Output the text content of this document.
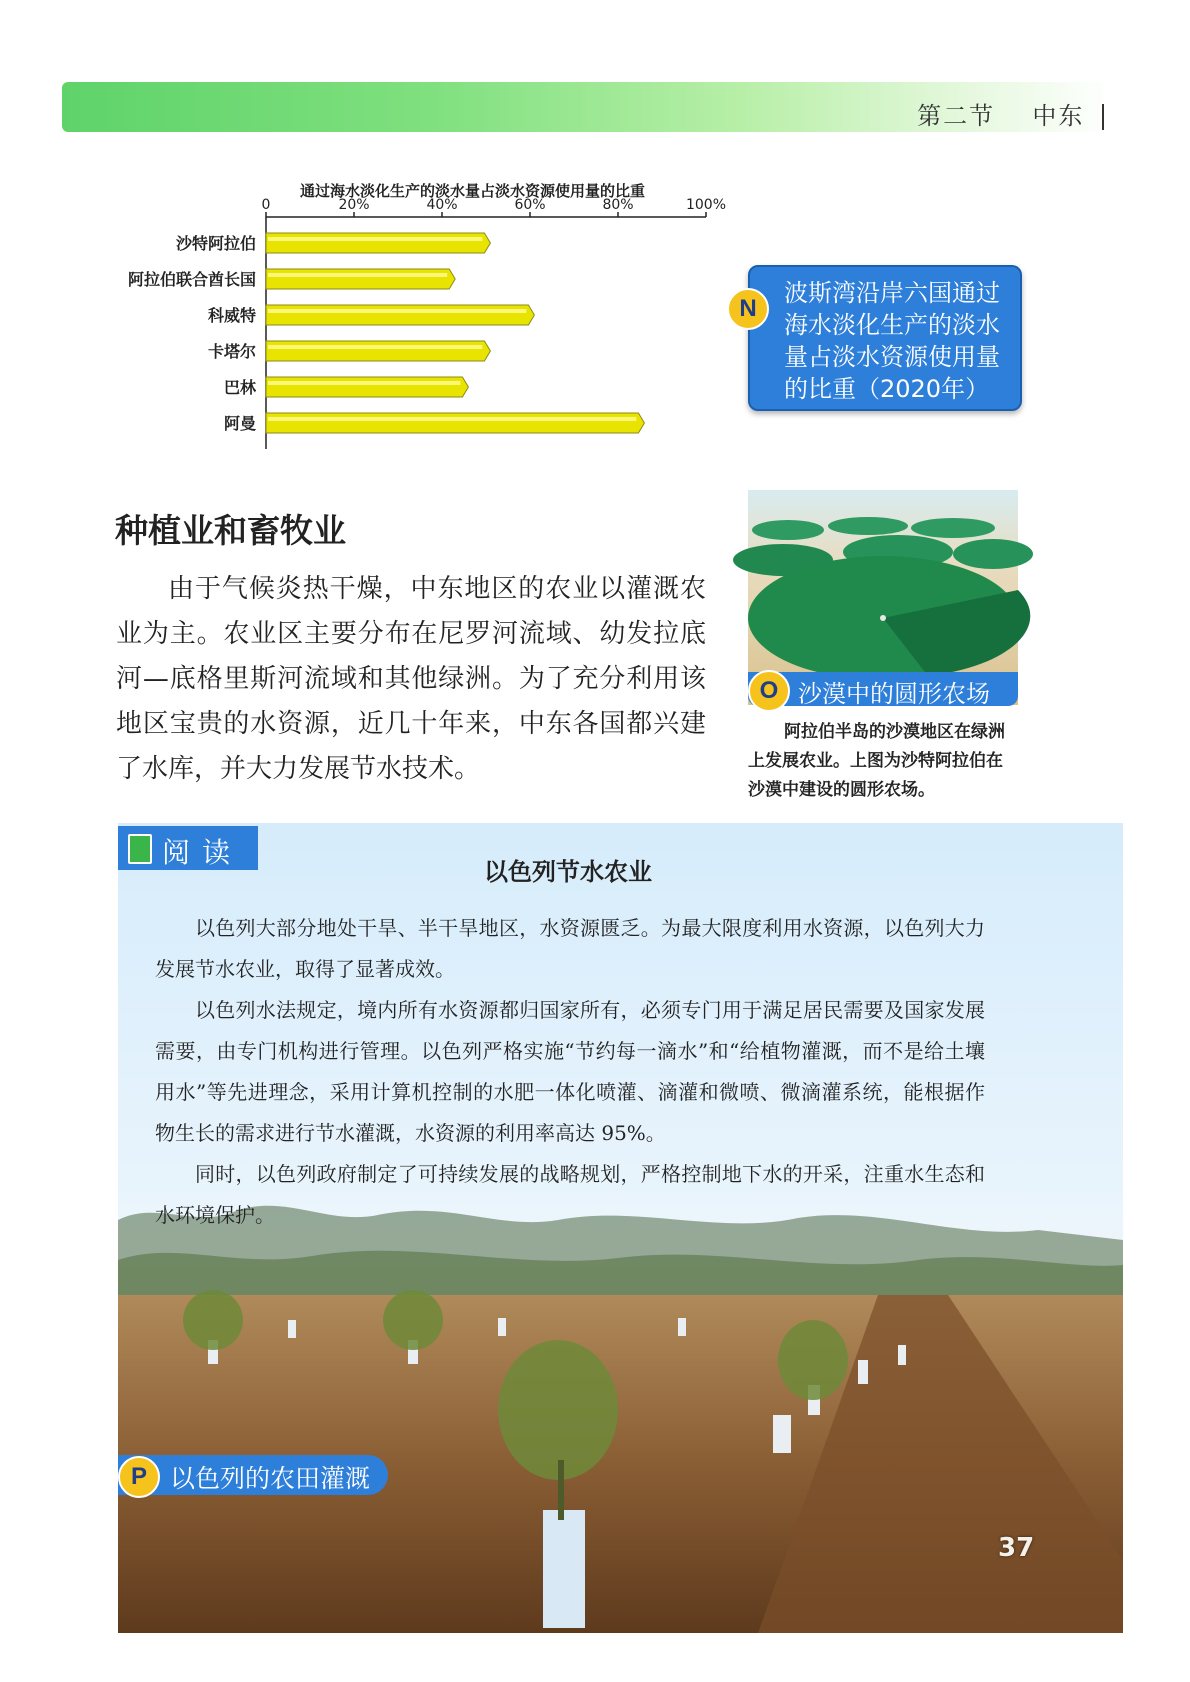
第二节 中东
通过海水淡化生产的淡水量占淡水资源使用量的比重
0	20%	40%	60%	80%	100%
沙特阿拉伯
阿拉伯联合酋长国
科威特
卡塔尔
巴林
阿曼
波斯湾沿岸六国通过海水淡化生产的淡水量占淡水资源使用量的比重（2020年）
N
种植业和畜牧业
由于气候炎热干燥，中东地区的农业以灌溉农业为主。农业区主要分布在尼罗河流域、幼发拉底河—底格里斯河流域和其他绿洲。为了充分利用该地区宝贵的水资源，近几十年来，中东各国都兴建了水库，并大力发展节水技术。
沙漠中的圆形农场
O
阿拉伯半岛的沙漠地区在绿洲上发展农业。上图为沙特阿拉伯在沙漠中建设的圆形农场。
阅读
以色列节水农业

以色列大部分地处干旱、半干旱地区，水资源匮乏。为最大限度利用水资源，以色列大力发展节水农业，取得了显著成效。

以色列水法规定，境内所有水资源都归国家所有，必须专门用于满足居民需要及国家发展需要，由专门机构进行管理。以色列严格实施“节约每一滴水”和“给植物灌溉，而不是给土壤用水”等先进理念，采用计算机控制的水肥一体化喷灌、滴灌和微喷、微滴灌系统，能根据作物生长的需求进行节水灌溉，水资源的利用率高达 95%。

同时，以色列政府制定了可持续发展的战略规划，严格控制地下水的开采，注重水生态和水环境保护。

以色列的农田灌溉
P
37
